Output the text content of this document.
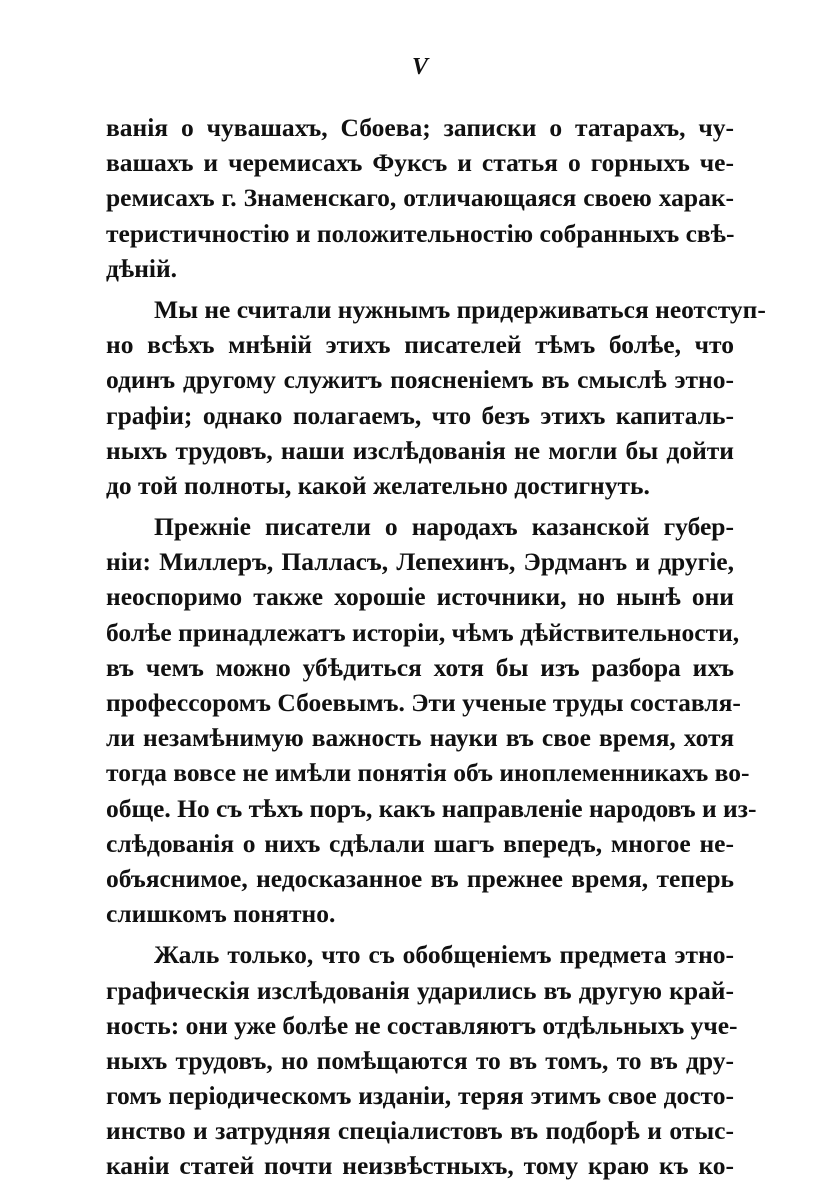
V
ванія о чувашахъ, Сбоева; записки о татарахъ, чу-
вашахъ и черемисахъ Фуксъ и статья о горныхъ че-
ремисахъ г. Знаменскаго, отличающаяся своею харак-
теристичностію и положительностію собранныхъ свѣ-
дѣній.
Мы не считали нужнымъ придерживаться неотступ-
но всѣхъ мнѣній этихъ писателей тѣмъ болѣе, что
одинъ другому служитъ поясненіемъ въ смыслѣ этно-
графіи; однако полагаемъ, что безъ этихъ капиталь-
ныхъ трудовъ, наши изслѣдованія не могли бы дойти
до той полноты, какой желательно достигнуть.
Прежніе писатели о народахъ казанской губер-
ніи: Миллеръ, Палласъ, Лепехинъ, Эрдманъ и другіе,
неоспоримо также хорошіе источники, но нынѣ они
болѣе принадлежатъ исторіи, чѣмъ дѣйствительности,
въ чемъ можно убѣдиться хотя бы изъ разбора ихъ
профессоромъ Сбоевымъ. Эти ученые труды составля-
ли незамѣнимую важность науки въ свое время, хотя
тогда вовсе не имѣли понятія объ иноплеменникахъ во-
обще. Но съ тѣхъ поръ, какъ направленіе народовъ и из-
слѣдованія о нихъ сдѣлали шагъ впередъ, многое не-
объяснимое, недосказанное въ прежнее время, теперь
слишкомъ понятно.
Жаль только, что съ обобщеніемъ предмета этно-
графическія изслѣдованія ударились въ другую край-
ность: они уже болѣе не составляютъ отдѣльныхъ уче-
ныхъ трудовъ, но помѣщаются то въ томъ, то въ дру-
гомъ періодическомъ изданіи, теряя этимъ свое досто-
инство и затрудняя спеціалистовъ въ подборѣ и отыс-
каніи статей почти неизвѣстныхъ, тому краю къ ко-
